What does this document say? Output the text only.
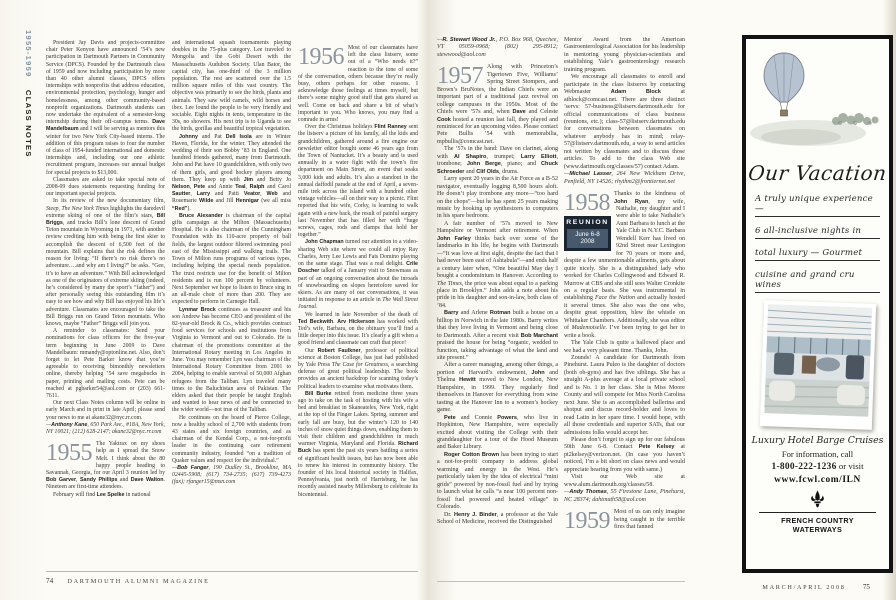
1955-1959 CLASS NOTES

President Jay Davis and projects-committee chair Peter Kenyon have announced ’54’s new participation in Dartmouth Partners in Community Service (DPCS). Founded by the Dartmouth class of 1959 and now including participation by more than 40 other alumni classes, DPCS offers internships with nonprofits that address education, environmental protection, psychology, hunger and homelessness, among other community-based nonprofit organizations. Dartmouth students can now undertake the equivalent of a semester-long internship during their off-campus terms. Dave Mandelbaum and I will be serving as mentors this winter for two New York City-based interns. The addition of this program raises to four the number of class of 1954-funded international and domestic internships and, including our one athletic recruitment program, increases our annual budget for special projects to $13,000.

Classmates are asked to take special note of 2008-09 dues statements requesting funding for our important special projects.

In its review of the new documentary film, Steep, The New York Times highlights the daredevil extreme skiing of one of the film’s stars, Bill Briggs, and tracks Bill’s lone descent of Grand Teton mountain in Wyoming in 1971, with another review crediting him with being the first skier to accomplish the descent of 6,500 feet of the mountain. Bill explains that the risk defines the reason for living: “If there’s no risk there’s no adventure….and why am I living?” he asks. “Gee, it’s to have an adventure.” With Bill acknowledged as one of the originators of extreme skiing (indeed, he’s considered by many the sport’s “father”) and after personally seeing this outstanding film it’s easy to see how and why Bill has enjoyed his life’s adventure. Classmates are encouraged to take the Bill Briggs run on Grand Teton mountain. Who knows, maybe “Father” Briggs will join you.

A reminder to classmates: Send your nominations for class officers for the five-year term beginning in June 2009 to Dave Mandelbaum: mmandy@optonline.net. Also, don’t forget to let Pete Barker know that you’re agreeable to receiving bimonthly newsletters online, thereby helping ’54 save megabucks in paper, printing and mailing costs. Pete can be reached at pgbarker54@aol.com or (203) 661-7611.

Our next Class Notes column will be online in early March and in print in late April; please send your news to me at akane32@nyc.rr.com.

—Anthony Kane, 650 Park Ave., #18A, New York, NY 10021; (212) 628-2147; akane32@nyc.rr.com

1955 The Yaktrax on my shoes help as I spread the Snow Melt. I think about the 80 happy people heading to Savannah, Georgia, for our April 3 reunion led by Bob Garver, Sandy Phillips and Dave Walton. Nineteen are first-time attendees.

February will find Lee Spelke in national

and international squash tournaments playing doubles in the 75-plus category. Lee traveled to Mongolia and the Gobi Desert with the Massachusetts Audubon Society. Ulan Bator, the capital city, has one-third of the 3 million population. The rest are scattered over the 1.5 million square miles of this vast country. The objective was primarily to see the birds, plants and animals. They saw wild camels, wild horses and ibex. Lee found the people to be very friendly and sociable. Eight nights in tents, temperature in the 30s, no showers. His next trip is to Uganda to see the birds, gorillas and beautiful tropical vegetation.

Johnny and Pat Dell Isola are in Winter Haven, Florida, for the winter. They attended the wedding of their son Bobby ’83 in England. One hundred friends gathered, many from Dartmouth. John and Pat have 10 grandchildren, with only two of them girls, and good hockey players among them. They keep up with Jim and Betty Jo Nelson, Pete and Annie Teal, Ralph and Carol Sautter, Larry and Patti Veator, Web and Rosemarie Wilde and Jill Hennigar (we all miss “Red”).

Bruce Alexander is chairman of the capital gifts campaign at the Milton (Massachusetts) Hospital. He is also chairman of the Cunningham Foundation with its 110-acre property of ball fields, the largest outdoor filtered swimming pool east of the Mississippi and walking trails. The Town of Milton runs programs of various types, including helping the special needs population. The trust restricts use for the benefit of Milton residents and is run 100 percent by volunteers. Next September we hope to listen to Bruce sing in an all-male choir of more than 200. They are expected to perform in Carnegie Hall.

Lynmar Brock continues as treasurer and his son Andrew has become CEO and president of the 82-year-old Brock & Co., which provides contract food services for schools and institutions from Virginia to Vermont and out to Colorado. He is chairman of the promotions committee at the International Rotary meeting in Los Angeles in June. You may remember Lyn was chairman of the International Rotary Committee from 2001 to 2004, helping to enable survival of 50,000 Afghan refugees from the Taliban. Lyn traveled many times to the Baluchistan area of Pakistan. The elders asked that their people be taught English and wanted to hear news of and be connected to the wider world—not true of the Taliban.

He continues on the board of Pierce College, now a healthy school of 2,700 with students from 43 states and six foreign countries, and as chairman of the Kendal Corp., a not-for-profit leader in the continuing care retirement community industry, founded “on a tradition of Quaker values and respect for the individual.”

—Bob Fanger, 190 Dudley St., Brookline, MA 02445-5908; (617) 734-2735; (617) 739-4273 (fax); rfanger15@msn.com

1956 Most of our classmates have left the class listserv, some out of a “Who needs it?” reaction to the tone of some of the conversation, others because they’re really busy, others perhaps for other reasons. I acknowledge those feelings at times myself, but there’s some mighty good stuff that gets shared as well. Come on back and share a bit of what’s important to you. Who knows, you may find a comrade in arms!

Over the Christmas holidays Flint Ranney sent the listserv a picture of his family, all the kids and grandchildren, gathered around a fire engine our newsletter editor bought some 46 years ago from the Town of Nantucket. It’s a beauty and is used annually in a water fight with the town’s fire department on Main Street, an event that soaks 3,000 kids and adults. It’s also a standout in the annual daffodil parade at the end of April, a seven-mile trek across the island with a hundred other vintage vehicles—all on their way to a picnic. Flint reported that his wife, Corky, is learning to walk again with a new back, the result of painful surgery last November that has filled her with “huge screws, cages, rods and clamps that hold her together.”

John Chapman turned our attention to a video-sharing Web site where we could all enjoy Ray Charles, Jerry Lee Lewis and Fats Domino playing on the same stage. That was a real delight. Crile Doscher talked of a January visit to Snowmass as part of an ongoing conversation about the inroads of snowboarding on slopes heretofore saved for skiers. As are many of our conversations, it was initiated in response to an article in The Wall Street Journal.

We learned in late November of the death of Ted Beckwith. Arv Hickerson has worked with Ted’s wife, Barbara, on the obituary you’ll find a little deeper into this issue. It’s clearly a gift when a good friend and classmate can craft that piece!

Our Robert Faulkner, professor of political science at Boston College, has just had published by Yale Press The Case for Greatness, a searching defense of great political leadership. The book provides an ancient backdrop for scanning today’s political leaders to examine what motivates them.

Bill Burke retired from medicine three years ago to take on the task of hosting with his wife a bed and breakfast in Skaneateles, New York, right at the top of the Finger Lakes. Spring, summer and early fall are busy, but the winter’s 120 to 140 inches of snow quiet things down, enabling them to visit their children and grandchildren in much warmer Virginia, Maryland and Florida. Richard Buck has spent the past six years battling a series of significant health issues, but has now been able to renew his interest in community history. The founder of his local historical society in Halifax, Pennsylvania, just north of Harrisburg, he has recently assisted nearby Millersburg to celebrate its bicentennial.

—R. Stewart Wood Jr., P.O. Box 968, Quechee, VT 05059-0968; (802) 295-8912; stewwood@aol.com

1957 Along with Princeton’s Tigertown Five, Williams’ Spring Street Stompers, and Brown’s BruNotes, the Indian Chiefs were an important part of a traditional jazz revival on college campuses in the 1950s. Most of the Chiefs were ’57s and, when Dave and Celeste Cook hosted a reunion last fall, they played and reminisced for an upcoming video. Please contact Pete Bullis ’54 with memorabilia, mpbullis@comcast.net.

The ’57s in the band: Dave on clarinet, along with Al Shapiro, trumpet; Larry Elliott, trombone; John Berge, piano; and Chuck Schroeder and Clif Olds, drums.

Larry spent 20 years in the Air Force as a B-52 navigator, eventually logging 8,500 hours aloft. He doesn’t play trombone any more—“too hard on the chops”—but he has spent 25 years making music by hooking up synthesizers to computers in his spare bedroom.

A fair number of ’57s moved to New Hampshire or Vermont after retirement. When John Farley thinks back over some of the landmarks in his life, he begins with Dartmouth—“It was love at first sight, despite the fact that I had never been east of Ashtabula”—and ends half a century later when, “One beautiful May day I bought a condominium in Hanover. According to The Times, the price was about equal to a parking place in Brooklyn.” John adds a note about his pride in his daughter and son-in-law, both class of ’84.

Barry and Arlene Rotman built a house on a hilltop in Norwich in the late 1980s. Barry writes that they love living in Vermont and being close to Dartmouth. After a recent visit Bob Marchant praised the house for being “organic, wedded to function, taking advantage of what the land and site present.”

After a career managing, among other things, a portion of Harvard’s endowment, John and Thelma Hewitt moved to New London, New Hampshire, in 1999. They regularly find themselves in Hanover for everything from wine tasting at the Hanover Inn to a women’s hockey game.

Pete and Connie Powers, who live in Hopkinton, New Hampshire, were especially excited about visiting the College with their granddaughter for a tour of the Hood Museum and Baker Library.

Roger Cotton Brown has been trying to start a not-for-profit company to address global warming and energy in the West. He’s particularly taken by the idea of electrical “mini grids” powered by non-fossil fuel and by trying to launch what he calls “a near 100 percent non-fossil fuel powered and heated village” in Colorado.

Dr. Henry J. Binder, a professor at the Yale School of Medicine, received the Distinguished

Mentor Award from the American Gastroenterological Association for his leadership in mentoring young physician-scientists and establishing Yale’s gastroenterology research training program.

We encourage all classmates to enroll and participate in the class listservs by contacting Webmaster Adam Block at atblock@comcast.net. There are three distinct ’servs: 57-business@listserv.dartmouth.edu for official communications of class business (reunions, etc.); class-57@listserv.dartmouth.edu for conversations between classmates on whatever anybody has in mind; relay-57@listserv.dartmouth.edu, a way to send articles not written by classmates and to discuss those articles. To add to the class Web site (www.dartmouth.org/classes/57) contact Adam.

—Michael Lasser, 264 New Wickham Drive, Penfield, NY 14526; rhythm2@frontiernet.net

1958
REUNION
June 6-8
2008
Thanks to the kindness of John Ryan, my wife, Nathalie, my daughter and I were able to take Nathalie’s Aunt Barbara to lunch at the Yale Club in N.Y.C. Barbara Wendell Kerr has lived on 92nd Street near Lexington for 70 years or more and, despite a few unmentionable ailments, gets about quite nicely. She is a distinguished lady who worked for Charles Collingwood and Edward R. Murrow at CBS and she still sees Walter Cronkite on a regular basis. She was instrumental in establishing Face the Nation and actually hosted it several times. She also was the one who, despite great opposition, blew the whistle on Whittaker Chambers. Additionally, she was editor of Mademoiselle. I’ve been trying to get her to write a book.

The Yale Club is quite a hallowed place and we had a very pleasant time. Thanks, John.

Zounds! A candidate for Dartmouth from Pinehurst. Laura Puleo is the daughter of doctors (both ob-gyns) and has five siblings. She has a straight A-plus average at a local private school and is No. 1 in her class. She is Miss Moore County and will compete for Miss North Carolina next June. She is an accomplished ballerina and shotput and discus record-holder and loves to read Latin in her spare time. I would hope, with all those credentials and superior SATs, that our admissions folks would accept her.

Please don’t forget to sign up for our fabulous 50th June 6-8. Contact Pete Kelsey at pt2kelsey@verizon.net. (In case you haven’t noticed, I’m a bit short on class news and would appreciate hearing from you with same.)

Visit our Web site at www.alum.dartmouth.org/classes/58.

—Andy Thomas, 55 Firestone Lane, Pinehurst, NC 28374; dahtmuth58@aol.com

1959 Most of us can only imagine being caught in the terrible fires that fanned

Our Vacation
A truly unique experience —
6 all-inclusive nights in
total luxury — Gourmet
cuisine and grand cru wines
Luxury Hotel Barge Cruises
For information, call
1-800-222-1236 or visit
www.fcwl.com/ILN
FRENCH COUNTRY WATERWAYS
74 DARTMOUTH ALUMNI MAGAZINE
MARCH/APRIL 2008 75
